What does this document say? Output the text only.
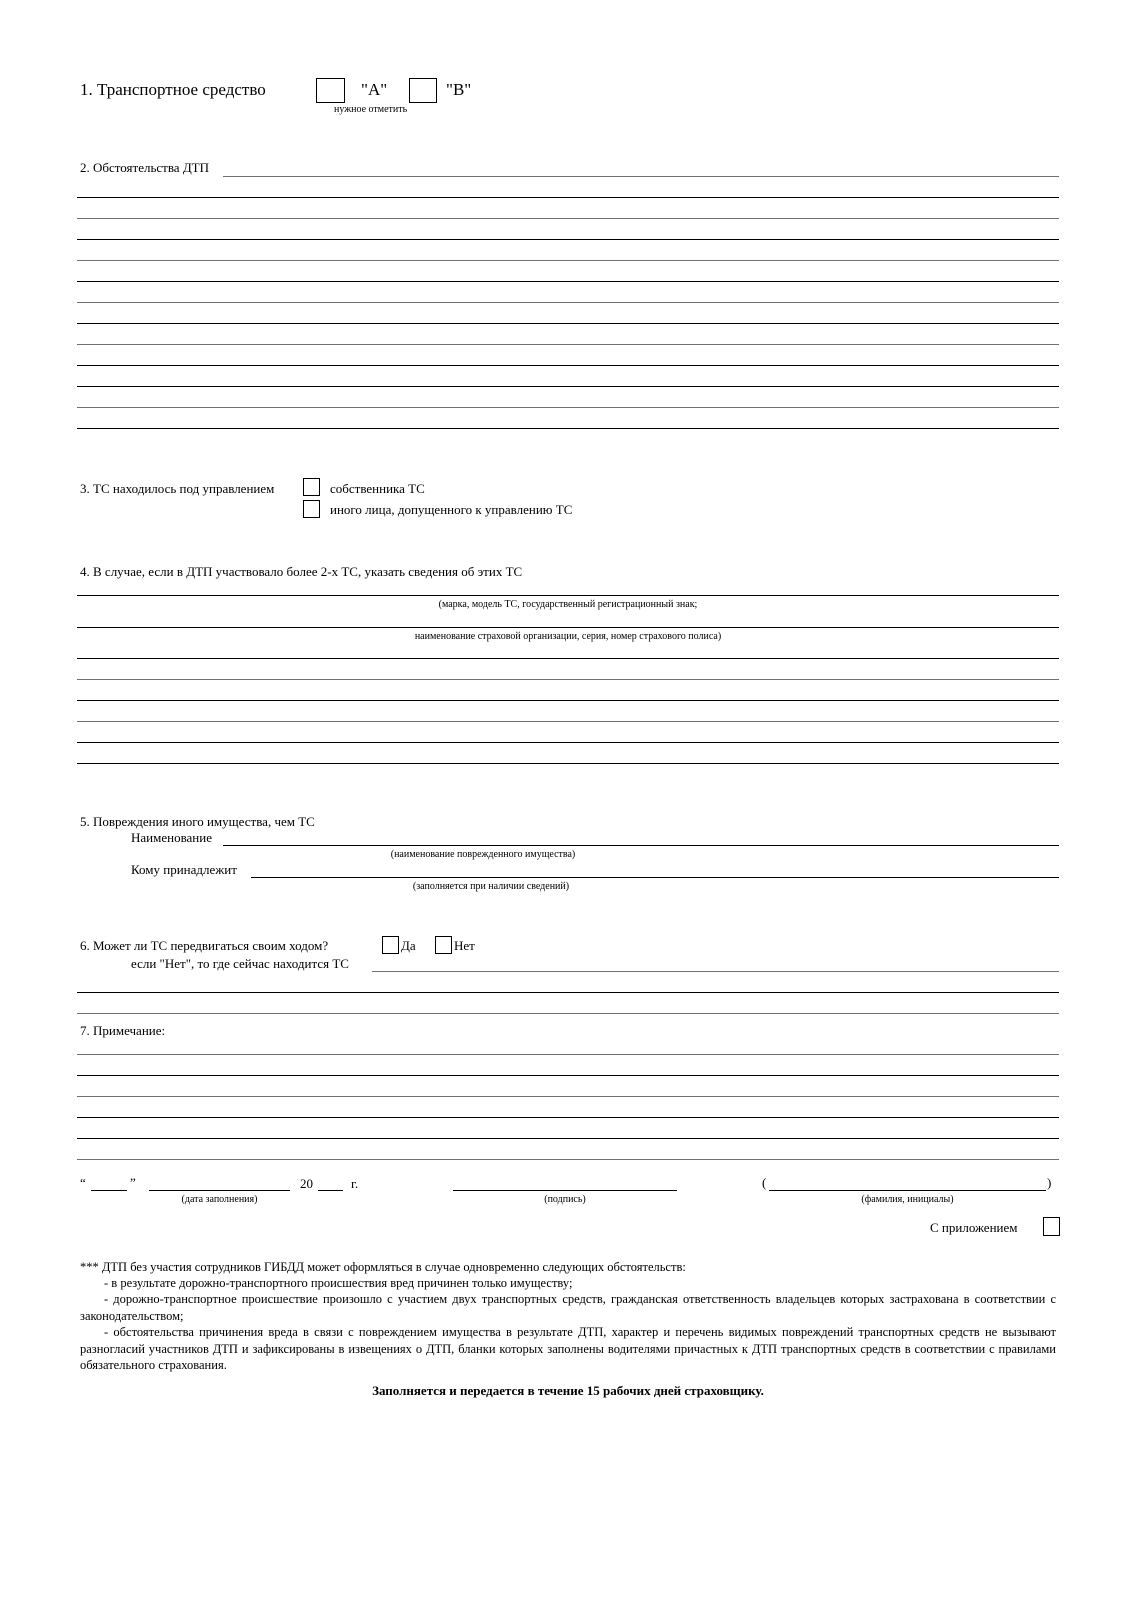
1. Транспортное средство	"A"	"B"
нужное отметить
2. Обстоятельства ДТП
3. ТС находилось под управлением	собственника ТС
иного лица, допущенного к управлению ТС
4. В случае, если в ДТП участвовало более 2-х ТС, указать сведения об этих ТС
(марка, модель ТС, государственный регистрационный знак;
наименование страховой организации, серия, номер страхового полиса)
5. Повреждения иного имущества, чем ТС
Наименование
(наименование поврежденного имущества)
Кому принадлежит
(заполняется при наличии сведений)
6. Может ли ТС передвигаться своим ходом?	Да	Нет
если "Нет", то где сейчас находится ТС
7. Примечание:
“	”
(дата заполнения)
20	г.
(подпись)
(
(фамилия, инициалы)
)
С приложением
*** ДТП без участия сотрудников ГИБДД может оформляться в случае одновременно следующих обстоятельств:
- в результате дорожно-транспортного происшествия вред причинен только имуществу;
- дорожно-транспортное происшествие произошло с участием двух транспортных средств, гражданская ответственность владельцев которых застрахована в соответствии с законодательством;
- обстоятельства причинения вреда в связи с повреждением имущества в результате ДТП, характер и перечень видимых повреждений транспортных средств не вызывают разногласий участников ДТП и зафиксированы в извещениях о ДТП, бланки которых заполнены водителями причастных к ДТП транспортных средств в соответствии с правилами обязательного страхования.
Заполняется и передается в течение 15 рабочих дней страховщику.
